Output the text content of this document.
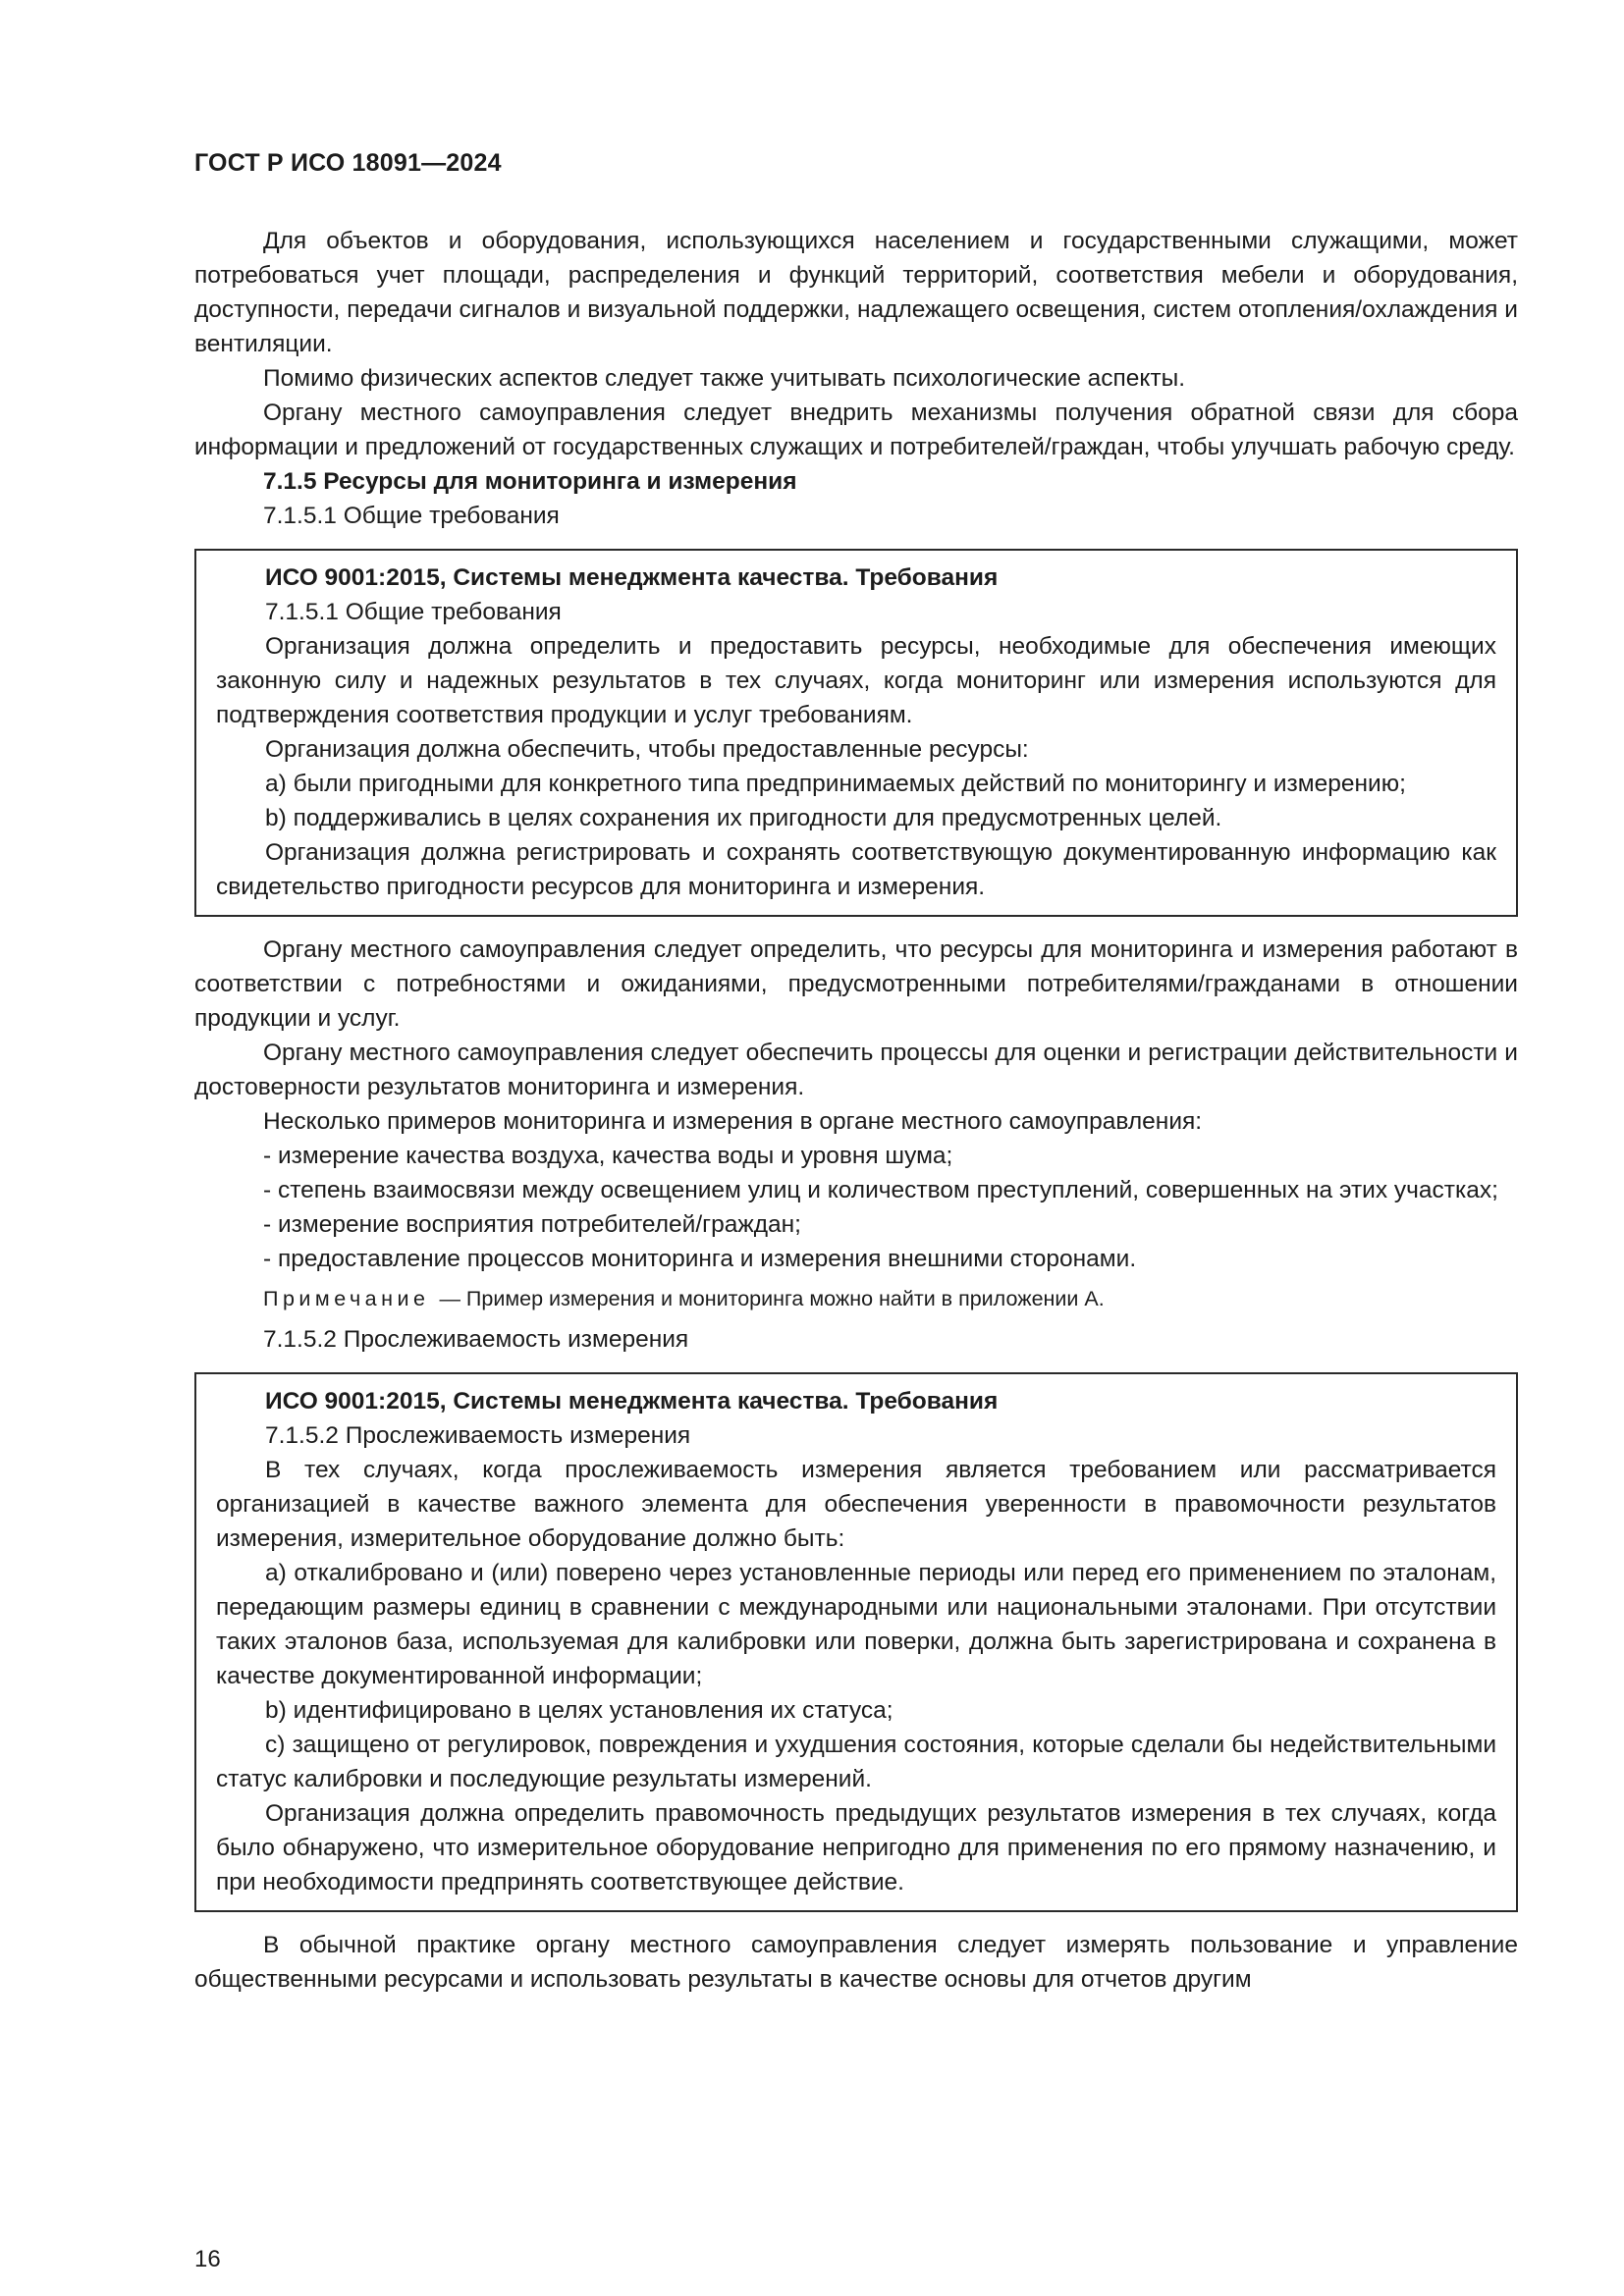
ГОСТ Р ИСО 18091—2024

Для объектов и оборудования, использующихся населением и государственными служащими, может потребоваться учет площади, распределения и функций территорий, соответствия мебели и оборудования, доступности, передачи сигналов и визуальной поддержки, надлежащего освещения, систем отопления/охлаждения и вентиляции.

Помимо физических аспектов следует также учитывать психологические аспекты.

Органу местного самоуправления следует внедрить механизмы получения обратной связи для сбора информации и предложений от государственных служащих и потребителей/граждан, чтобы улучшать рабочую среду.

7.1.5 Ресурсы для мониторинга и измерения

7.1.5.1 Общие требования

ИСО 9001:2015, Системы менеджмента качества. Требования

7.1.5.1 Общие требования

Организация должна определить и предоставить ресурсы, необходимые для обеспечения имеющих законную силу и надежных результатов в тех случаях, когда мониторинг или измерения используются для подтверждения соответствия продукции и услуг требованиям.

Организация должна обеспечить, чтобы предоставленные ресурсы:

a) были пригодными для конкретного типа предпринимаемых действий по мониторингу и измерению;

b) поддерживались в целях сохранения их пригодности для предусмотренных целей.

Организация должна регистрировать и сохранять соответствующую документированную информацию как свидетельство пригодности ресурсов для мониторинга и измерения.

Органу местного самоуправления следует определить, что ресурсы для мониторинга и измерения работают в соответствии с потребностями и ожиданиями, предусмотренными потребителями/гражданами в отношении продукции и услуг.

Органу местного самоуправления следует обеспечить процессы для оценки и регистрации действительности и достоверности результатов мониторинга и измерения.

Несколько примеров мониторинга и измерения в органе местного самоуправления:

- измерение качества воздуха, качества воды и уровня шума;

- степень взаимосвязи между освещением улиц и количеством преступлений, совершенных на этих участках;

- измерение восприятия потребителей/граждан;

- предоставление процессов мониторинга и измерения внешними сторонами.

Примечание — Пример измерения и мониторинга можно найти в приложении А.

7.1.5.2 Прослеживаемость измерения

ИСО 9001:2015, Системы менеджмента качества. Требования

7.1.5.2 Прослеживаемость измерения

В тех случаях, когда прослеживаемость измерения является требованием или рассматривается организацией в качестве важного элемента для обеспечения уверенности в правомочности результатов измерения, измерительное оборудование должно быть:

a) откалибровано и (или) поверено через установленные периоды или перед его применением по эталонам, передающим размеры единиц в сравнении с международными или национальными эталонами. При отсутствии таких эталонов база, используемая для калибровки или поверки, должна быть зарегистрирована и сохранена в качестве документированной информации;

b) идентифицировано в целях установления их статуса;

c) защищено от регулировок, повреждения и ухудшения состояния, которые сделали бы недействительными статус калибровки и последующие результаты измерений.

Организация должна определить правомочность предыдущих результатов измерения в тех случаях, когда было обнаружено, что измерительное оборудование непригодно для применения по его прямому назначению, и при необходимости предпринять соответствующее действие.

В обычной практике органу местного самоуправления следует измерять пользование и управление общественными ресурсами и использовать результаты в качестве основы для отчетов другим

16
